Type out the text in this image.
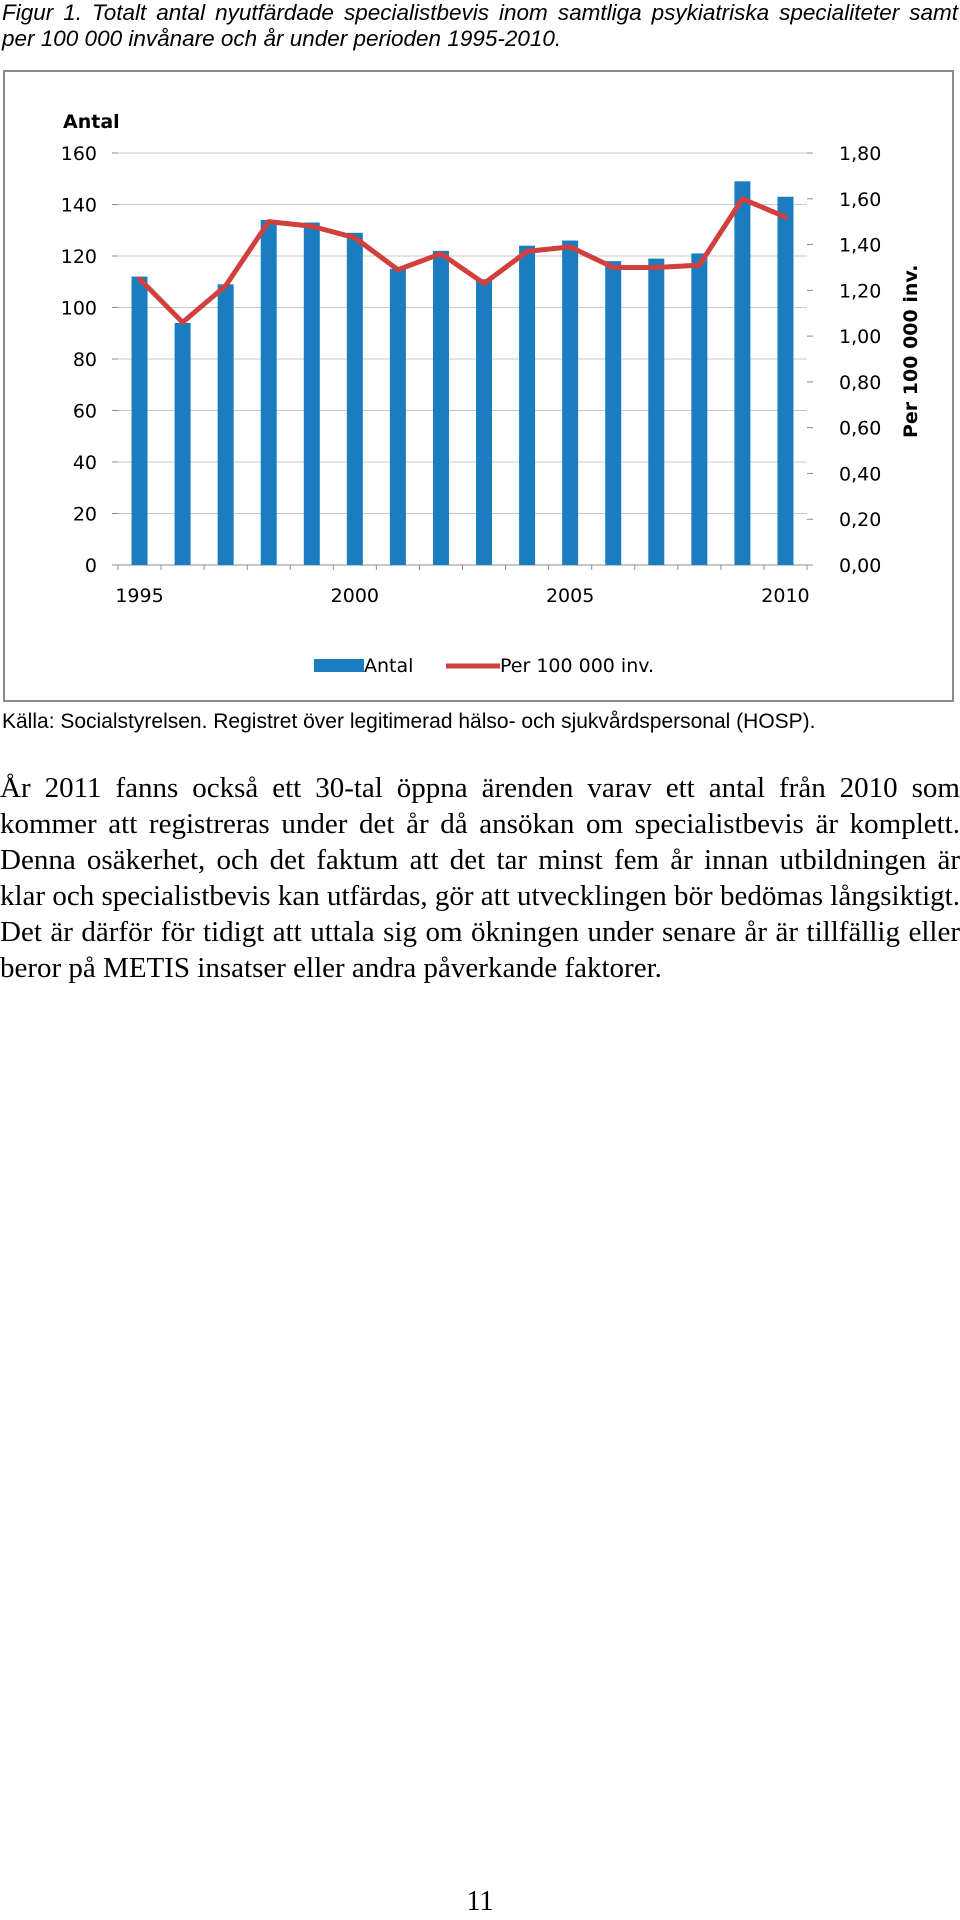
Figur 1. Totalt antal nyutfärdade specialistbevis inom samtliga psykiatriska specialiteter samt per 100 000 invånare och år under perioden 1995-2010.
Antal
0
20
40
60
80
100
120
140
160
0,00
0,20
0,40
0,60
0,80
1,00
1,20
1,40
1,60
1,80
1995	2000	2005	2010
Per 100 000 inv.
Antal	Per 100 000 inv.
Källa: Socialstyrelsen. Registret över legitimerad hälso- och sjukvårdspersonal (HOSP).
År 2011 fanns också ett 30-tal öppna ärenden varav ett antal från 2010 som kommer att registreras under det år då ansökan om specialistbevis är komplett. Denna osäkerhet, och det faktum att det tar minst fem år innan utbildningen är klar och specialistbevis kan utfärdas, gör att utvecklingen bör bedömas långsiktigt. Det är därför för tidigt att uttala sig om ökningen under senare år är tillfällig eller beror på METIS insatser eller andra påverkande faktorer.
11
